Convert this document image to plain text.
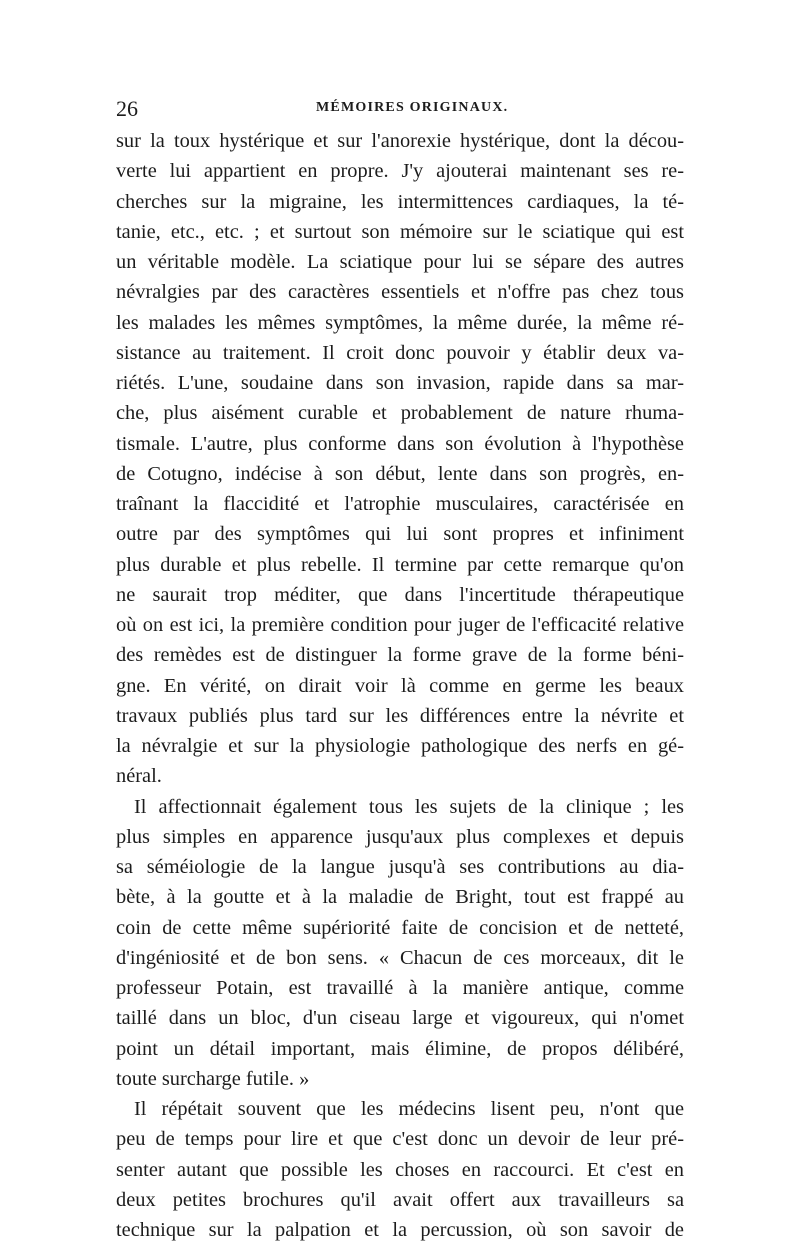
26	MÉMOIRES ORIGINAUX.
sur la toux hystérique et sur l'anorexie hystérique, dont la décou-
verte lui appartient en propre. J'y ajouterai maintenant ses re-
cherches sur la migraine, les intermittences cardiaques, la té-
tanie, etc., etc. ; et surtout son mémoire sur le sciatique qui est
un véritable modèle. La sciatique pour lui se sépare des autres
névralgies par des caractères essentiels et n'offre pas chez tous
les malades les mêmes symptômes, la même durée, la même ré-
sistance au traitement. Il croit donc pouvoir y établir deux va-
riétés. L'une, soudaine dans son invasion, rapide dans sa mar-
che, plus aisément curable et probablement de nature rhuma-
tismale. L'autre, plus conforme dans son évolution à l'hypothèse
de Cotugno, indécise à son début, lente dans son progrès, en-
traînant la flaccidité et l'atrophie musculaires, caractérisée en
outre par des symptômes qui lui sont propres et infiniment
plus durable et plus rebelle. Il termine par cette remarque qu'on
ne saurait trop méditer, que dans l'incertitude thérapeutique
où on est ici, la première condition pour juger de l'efficacité relative
des remèdes est de distinguer la forme grave de la forme béni-
gne. En vérité, on dirait voir là comme en germe les beaux
travaux publiés plus tard sur les différences entre la névrite et
la névralgie et sur la physiologie pathologique des nerfs en gé-
néral.
Il affectionnait également tous les sujets de la clinique ; les
plus simples en apparence jusqu'aux plus complexes et depuis
sa séméiologie de la langue jusqu'à ses contributions au dia-
bète, à la goutte et à la maladie de Bright, tout est frappé au
coin de cette même supériorité faite de concision et de netteté,
d'ingéniosité et de bon sens. « Chacun de ces morceaux, dit le
professeur Potain, est travaillé à la manière antique, comme
taillé dans un bloc, d'un ciseau large et vigoureux, qui n'omet
point un détail important, mais élimine, de propos délibéré,
toute surcharge futile. »
Il répétait souvent que les médecins lisent peu, n'ont que
peu de temps pour lire et que c'est donc un devoir de leur pré-
senter autant que possible les choses en raccourci. Et c'est en
deux petites brochures qu'il avait offert aux travailleurs sa
technique sur la palpation et la percussion, où son savoir de
